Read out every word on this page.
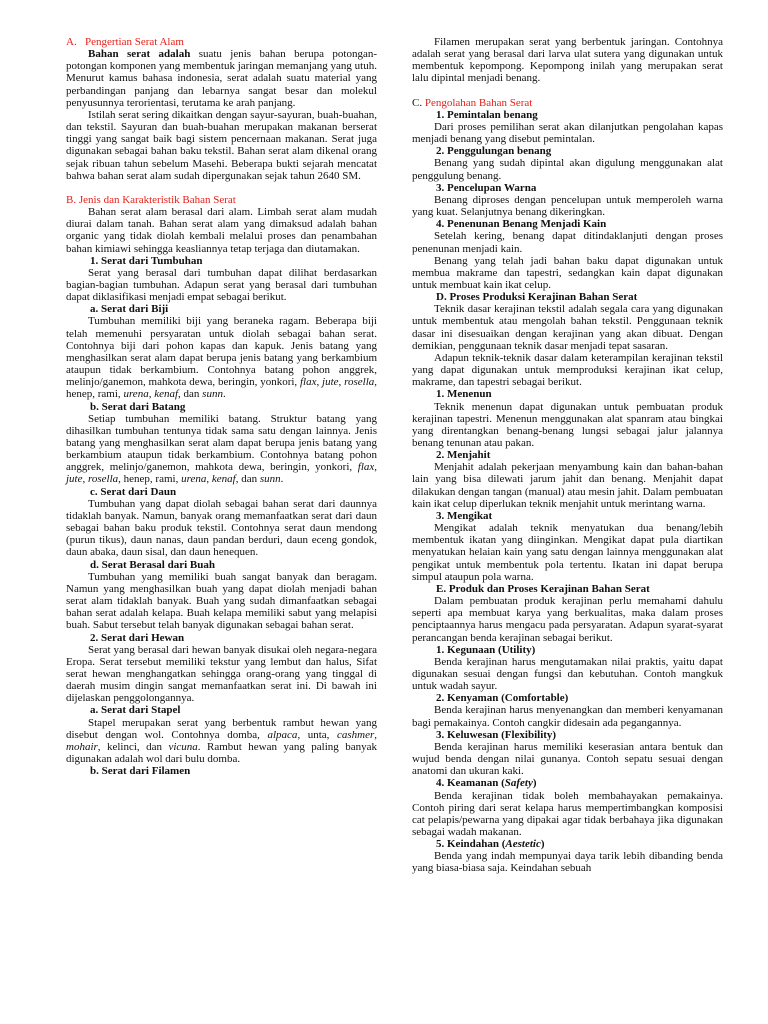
A. Pengertian Serat Alam

Bahan serat adalah suatu jenis bahan berupa potongan-potongan komponen yang membentuk jaringan memanjang yang utuh. Menurut kamus bahasa indonesia, serat adalah suatu material yang perbandingan panjang dan lebarnya sangat besar dan molekul penyusunnya terorientasi, terutama ke arah panjang.

Istilah serat sering dikaitkan dengan sayur-sayuran, buah-buahan, dan tekstil. Sayuran dan buah-buahan merupakan makanan berserat tinggi yang sangat baik bagi sistem pencernaan makanan. Serat juga digunakan sebagai bahan baku tekstil. Bahan serat alam dikenal orang sejak ribuan tahun sebelum Masehi. Beberapa bukti sejarah mencatat bahwa bahan serat alam sudah dipergunakan sejak tahun 2640 SM.

B. Jenis dan Karakteristik Bahan Serat

Bahan serat alam berasal dari alam. Limbah serat alam mudah diurai dalam tanah. Bahan serat alam yang dimaksud adalah bahan organic yang tidak diolah kembali melalui proses dan penambahan bahan kimiawi sehingga keasliannya tetap terjaga dan diutamakan.

1. Serat dari Tumbuhan

Serat yang berasal dari tumbuhan dapat dilihat berdasarkan bagian-bagian tumbuhan. Adapun serat yang berasal dari tumbuhan dapat diklasifikasi menjadi empat sebagai berikut.

a. Serat dari Biji

Tumbuhan memiliki biji yang beraneka ragam. Beberapa biji telah memenuhi persyaratan untuk diolah sebagai bahan serat. Contohnya biji dari pohon kapas dan kapuk. Jenis batang yang menghasilkan serat alam dapat berupa jenis batang yang berkambium ataupun tidak berkambium. Contohnya batang pohon anggrek, melinjo/ganemon, mahkota dewa, beringin, yonkori, flax, jute, rosella, henep, rami, urena, kenaf, dan sunn.

b. Serat dari Batang

Setiap tumbuhan memiliki batang. Struktur batang yang dihasilkan tumbuhan tentunya tidak sama satu dengan lainnya. Jenis batang yang menghasilkan serat alam dapat berupa jenis batang yang berkambium ataupun tidak berkambium. Contohnya batang pohon anggrek, melinjo/ganemon, mahkota dewa, beringin, yonkori, flax, jute, rosella, henep, rami, urena, kenaf, dan sunn.

c. Serat dari Daun

Tumbuhan yang dapat diolah sebagai bahan serat dari daunnya tidaklah banyak. Namun, banyak orang memanfaatkan serat dari daun sebagai bahan baku produk tekstil. Contohnya serat daun mendong (purun tikus), daun nanas, daun pandan berduri, daun eceng gondok, daun abaka, daun sisal, dan daun henequen.

d. Serat Berasal dari Buah

Tumbuhan yang memiliki buah sangat banyak dan beragam. Namun yang menghasilkan buah yang dapat diolah menjadi bahan serat alam tidaklah banyak. Buah yang sudah dimanfaatkan sebagai bahan serat adalah kelapa. Buah kelapa memiliki sabut yang melapisi buah. Sabut tersebut telah banyak digunakan sebagai bahan serat.

2. Serat dari Hewan

Serat yang berasal dari hewan banyak disukai oleh negara-negara Eropa. Serat tersebut memiliki tekstur yang lembut dan halus, Sifat serat hewan menghangatkan sehingga orang-orang yang tinggal di daerah musim dingin sangat memanfaatkan serat ini. Di bawah ini dijelaskan penggolongannya.

a. Serat dari Stapel

Stapel merupakan serat yang berbentuk rambut hewan yang disebut dengan wol. Contohnya domba, alpaca, unta, cashmer, mohair, kelinci, dan vicuna. Rambut hewan yang paling banyak digunakan adalah wol dari bulu domba.

b. Serat dari Filamen

Filamen merupakan serat yang berbentuk jaringan. Contohnya adalah serat yang berasal dari larva ulat sutera yang digunakan untuk membentuk kepompong. Kepompong inilah yang merupakan serat lalu dipintal menjadi benang.

C. Pengolahan Bahan Serat
1. Pemintalan benang

Dari proses pemilihan serat akan dilanjutkan pengolahan kapas menjadi benang yang disebut pemintalan.

2. Penggulungan benang

Benang yang sudah dipintal akan digulung menggunakan alat penggulung benang.

3. Pencelupan Warna

Benang diproses dengan pencelupan untuk memperoleh warna yang kuat. Selanjutnya benang dikeringkan.

4. Penenunan Benang Menjadi Kain

Setelah kering, benang dapat ditindaklanjuti dengan proses penenunan menjadi kain.

Benang yang telah jadi bahan baku dapat digunakan untuk membua makrame dan tapestri, sedangkan kain dapat digunakan untuk membuat kain ikat celup.

D. Proses Produksi Kerajinan Bahan Serat

Teknik dasar kerajinan tekstil adalah segala cara yang digunakan untuk membentuk atau mengolah bahan tekstil. Penggunaan teknik dasar ini disesuaikan dengan kerajinan yang akan dibuat. Dengan demikian, penggunaan teknik dasar menjadi tepat sasaran.

Adapun teknik-teknik dasar dalam keterampilan kerajinan tekstil yang dapat digunakan untuk memproduksi kerajinan ikat celup, makrame, dan tapestri sebagai berikut.

1. Menenun

Teknik menenun dapat digunakan untuk pembuatan produk kerajinan tapestri. Menenun menggunakan alat spanram atau bingkai yang direntangkan benang-benang lungsi sebagai jalur jalannya benang tenunan atau pakan.

2. Menjahit

Menjahit adalah pekerjaan menyambung kain dan bahan-bahan lain yang bisa dilewati jarum jahit dan benang. Menjahit dapat dilakukan dengan tangan (manual) atau mesin jahit. Dalam pembuatan kain ikat celup diperlukan teknik menjahit untuk merintang warna.

3. Mengikat

Mengikat adalah teknik menyatukan dua benang/lebih membentuk ikatan yang diinginkan. Mengikat dapat pula diartikan menyatukan helaian kain yang satu dengan lainnya menggunakan alat pengikat untuk membentuk pola tertentu. Ikatan ini dapat berupa simpul ataupun pola warna.

E. Produk dan Proses Kerajinan Bahan Serat

Dalam pembuatan produk kerajinan perlu memahami dahulu seperti apa membuat karya yang berkualitas, maka dalam proses penciptaannya harus mengacu pada persyaratan. Adapun syarat-syarat perancangan benda kerajinan sebagai berikut.

1. Kegunaan (Utility)

Benda kerajinan harus mengutamakan nilai praktis, yaitu dapat digunakan sesuai dengan fungsi dan kebutuhan. Contoh mangkuk untuk wadah sayur.

2. Kenyaman (Comfortable)

Benda kerajinan harus menyenangkan dan memberi kenyamanan bagi pemakainya. Contoh cangkir didesain ada pegangannya.

3. Keluwesan (Flexibility)

Benda kerajinan harus memiliki keserasian antara bentuk dan wujud benda dengan nilai gunanya. Contoh sepatu sesuai dengan anatomi dan ukuran kaki.

4. Keamanan (Safety)

Benda kerajinan tidak boleh membahayakan pemakainya. Contoh piring dari serat kelapa harus mempertimbangkan komposisi cat pelapis/pewarna yang dipakai agar tidak berbahaya jika digunakan sebagai wadah makanan.

5. Keindahan (Aestetic)

Benda yang indah mempunyai daya tarik lebih dibanding benda yang biasa-biasa saja. Keindahan sebuah
